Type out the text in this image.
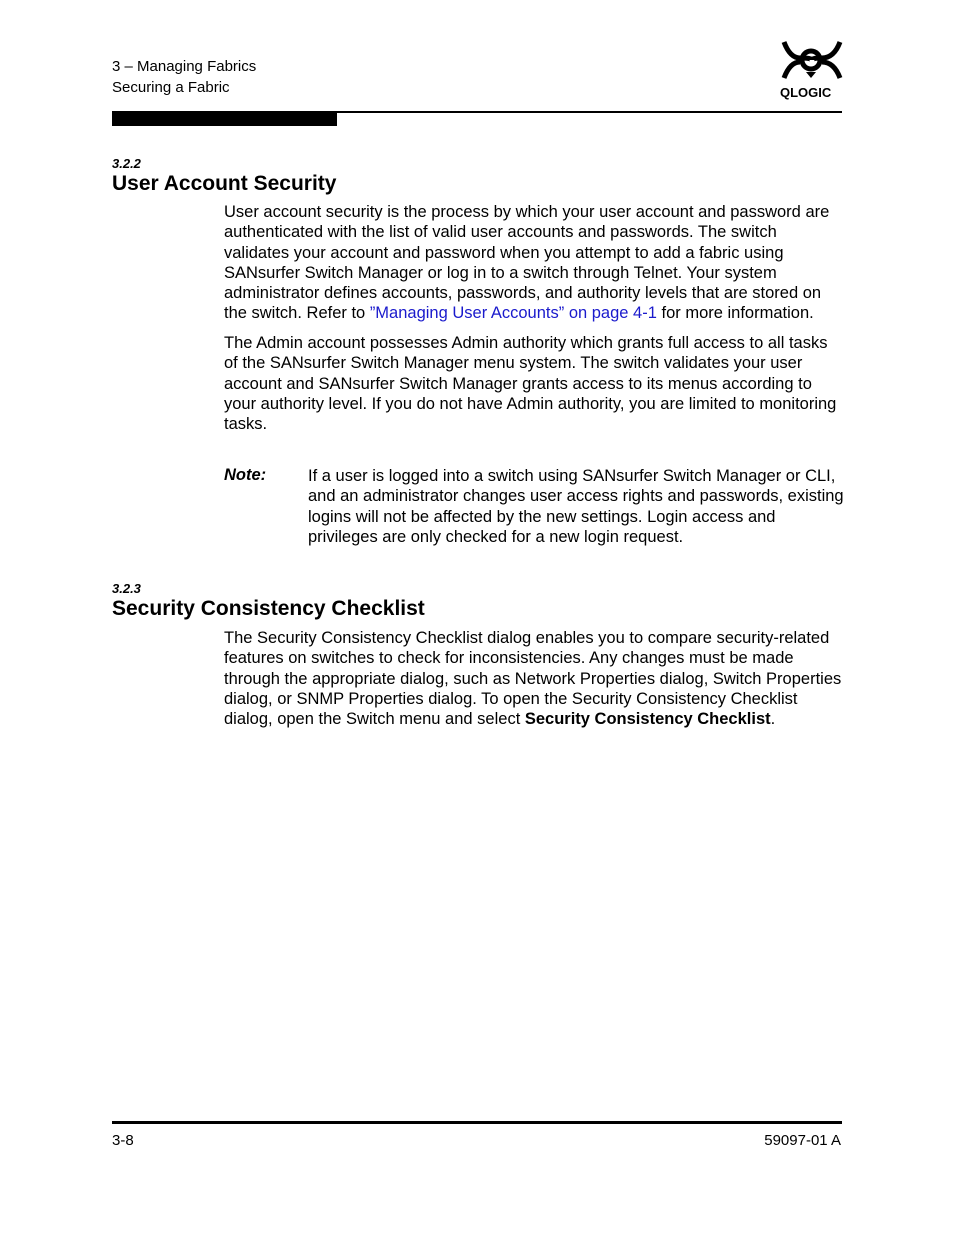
3 – Managing Fabrics
Securing a Fabric	QLOGIC
3.2.2
User Account Security

User account security is the process by which your user account and password are authenticated with the list of valid user accounts and passwords. The switch validates your account and password when you attempt to add a fabric using SANsurfer Switch Manager or log in to a switch through Telnet. Your system administrator defines accounts, passwords, and authority levels that are stored on the switch. Refer to ”Managing User Accounts” on page 4-1 for more information.

The Admin account possesses Admin authority which grants full access to all tasks of the SANsurfer Switch Manager menu system. The switch validates your user account and SANsurfer Switch Manager grants access to its menus according to your authority level. If you do not have Admin authority, you are limited to monitoring tasks.
Note:	If a user is logged into a switch using SANsurfer Switch Manager or CLI, and an administrator changes user access rights and passwords, existing logins will not be affected by the new settings. Login access and privileges are only checked for a new login request.
3.2.3
Security Consistency Checklist

The Security Consistency Checklist dialog enables you to compare security-related features on switches to check for inconsistencies. Any changes must be made through the appropriate dialog, such as Network Properties dialog, Switch Properties dialog, or SNMP Properties dialog. To open the Security Consistency Checklist dialog, open the Switch menu and select Security Consistency Checklist.

3-8	59097-01 A
